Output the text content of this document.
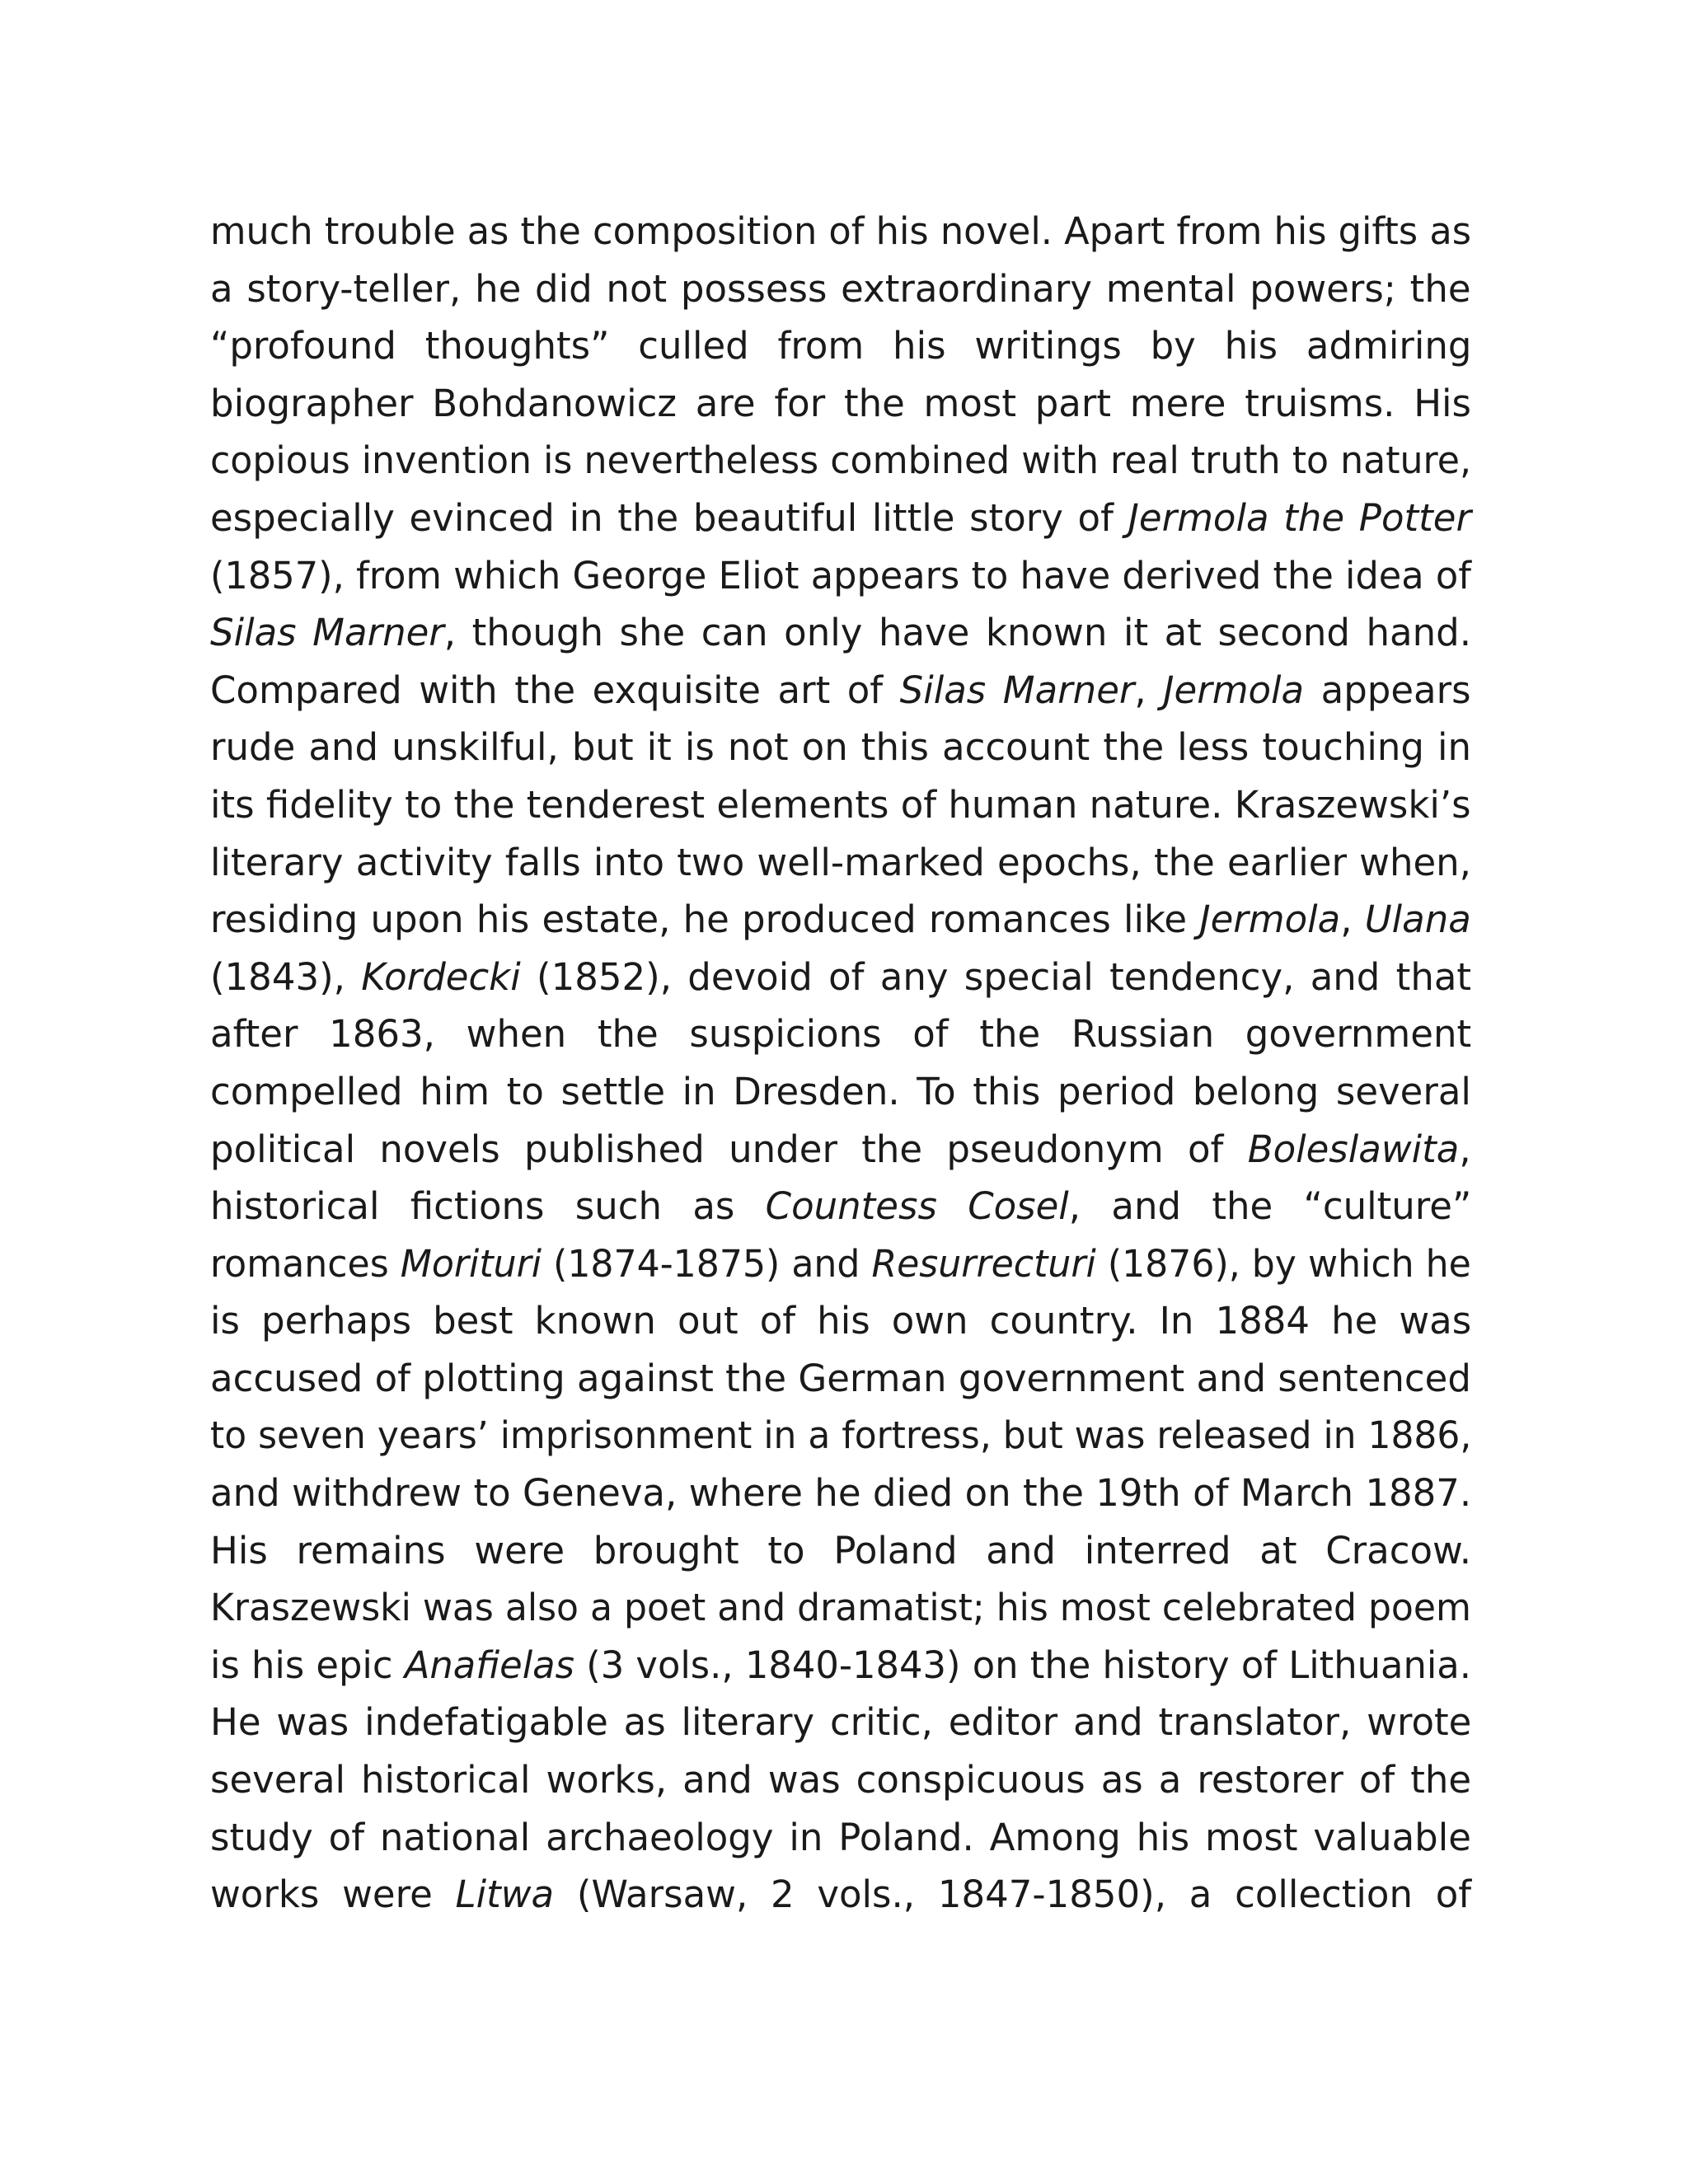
much trouble as the composition of his novel. Apart from his gifts as
a story-teller, he did not possess extraordinary mental powers; the
“profound thoughts” culled from his writings by his admiring
biographer Bohdanowicz are for the most part mere truisms. His
copious invention is nevertheless combined with real truth to nature,
especially evinced in the beautiful little story of Jermola the Potter
(1857), from which George Eliot appears to have derived the idea of
Silas Marner, though she can only have known it at second hand.
Compared with the exquisite art of Silas Marner, Jermola appears
rude and unskilful, but it is not on this account the less touching in
its fidelity to the tenderest elements of human nature. Kraszewski’s
literary activity falls into two well-marked epochs, the earlier when,
residing upon his estate, he produced romances like Jermola, Ulana
(1843), Kordecki (1852), devoid of any special tendency, and that
after 1863, when the suspicions of the Russian government
compelled him to settle in Dresden. To this period belong several
political novels published under the pseudonym of Boleslawita,
historical fictions such as Countess Cosel, and the “culture”
romances Morituri (1874-1875) and Resurrecturi (1876), by which he
is perhaps best known out of his own country. In 1884 he was
accused of plotting against the German government and sentenced
to seven years’ imprisonment in a fortress, but was released in 1886,
and withdrew to Geneva, where he died on the 19th of March 1887.
His remains were brought to Poland and interred at Cracow.
Kraszewski was also a poet and dramatist; his most celebrated poem
is his epic Anafielas (3 vols., 1840-1843) on the history of Lithuania.
He was indefatigable as literary critic, editor and translator, wrote
several historical works, and was conspicuous as a restorer of the
study of national archaeology in Poland. Among his most valuable
works were Litwa (Warsaw, 2 vols., 1847-1850), a collection of
